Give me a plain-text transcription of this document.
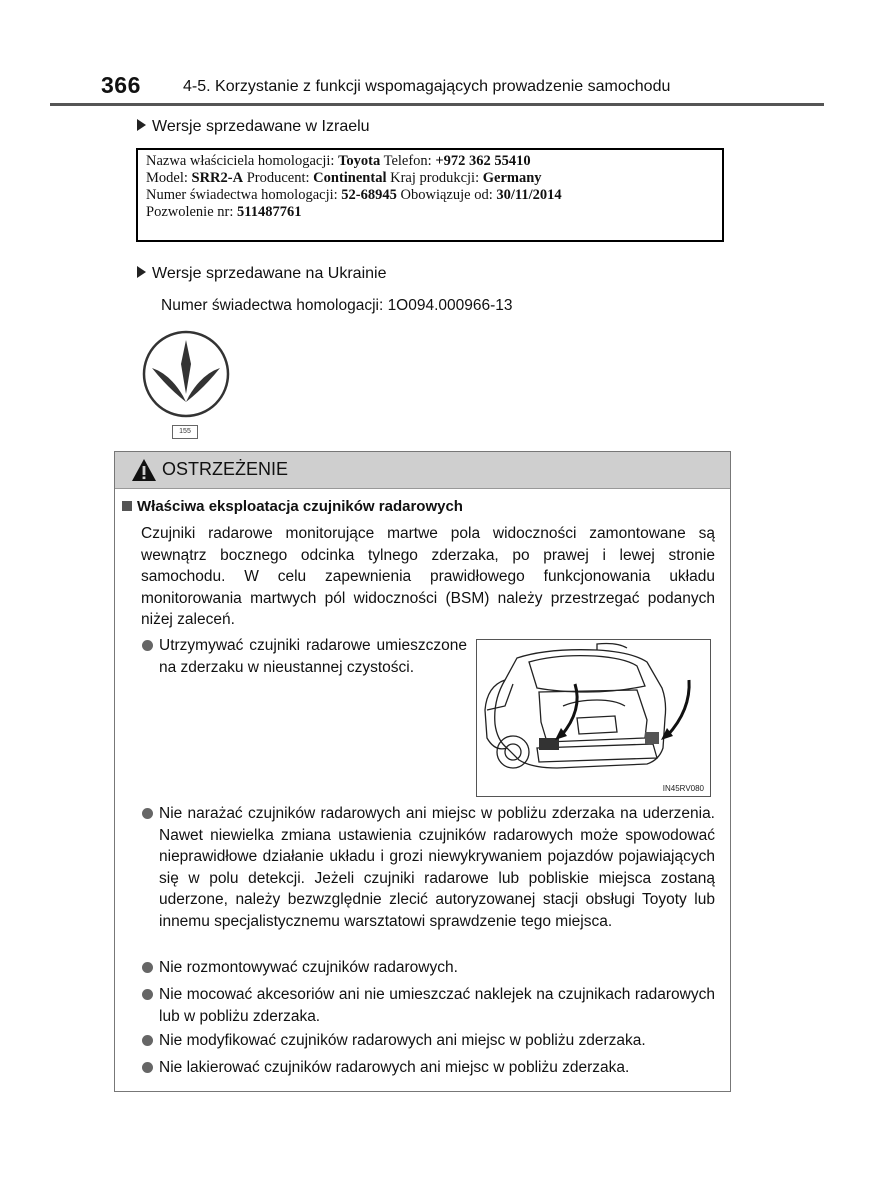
366	4-5. Korzystanie z funkcji wspomagających prowadzenie samochodu
Wersje sprzedawane w Izraelu
Nazwa właściciela homologacji: Toyota Telefon: +972 362 55410
Model: SRR2-A Producent: Continental Kraj produkcji: Germany
Numer świadectwa homologacji: 52-68945 Obowiązuje od: 30/11/2014
Pozwolenie nr: 511487761
Wersje sprzedawane na Ukrainie
Numer świadectwa homologacji: 1O094.000966-13
155
OSTRZEŻENIE
Właściwa eksploatacja czujników radarowych
Czujniki radarowe monitorujące martwe pola widoczności zamontowane są wewnątrz bocznego odcinka tylnego zderzaka, po prawej i lewej stronie samochodu. W celu zapewnienia prawidłowego funkcjonowania układu monitorowania martwych pól widoczności (BSM) należy przestrzegać podanych niżej zaleceń.
Utrzymywać czujniki radarowe umieszczone na zderzaku w nieustannej czystości.
IN45RV080
Nie narażać czujników radarowych ani miejsc w pobliżu zderzaka na uderzenia. Nawet niewielka zmiana ustawienia czujników radarowych może spowodować nieprawidłowe działanie układu i grozi niewykrywaniem pojazdów pojawiających się w polu detekcji. Jeżeli czujniki radarowe lub pobliskie miejsca zostaną uderzone, należy bezwzględnie zlecić autoryzowanej stacji obsługi Toyoty lub innemu specjalistycznemu warsztatowi sprawdzenie tego miejsca.
Nie rozmontowywać czujników radarowych.
Nie mocować akcesoriów ani nie umieszczać naklejek na czujnikach radarowych lub w pobliżu zderzaka.
Nie modyfikować czujników radarowych ani miejsc w pobliżu zderzaka.
Nie lakierować czujników radarowych ani miejsc w pobliżu zderzaka.
